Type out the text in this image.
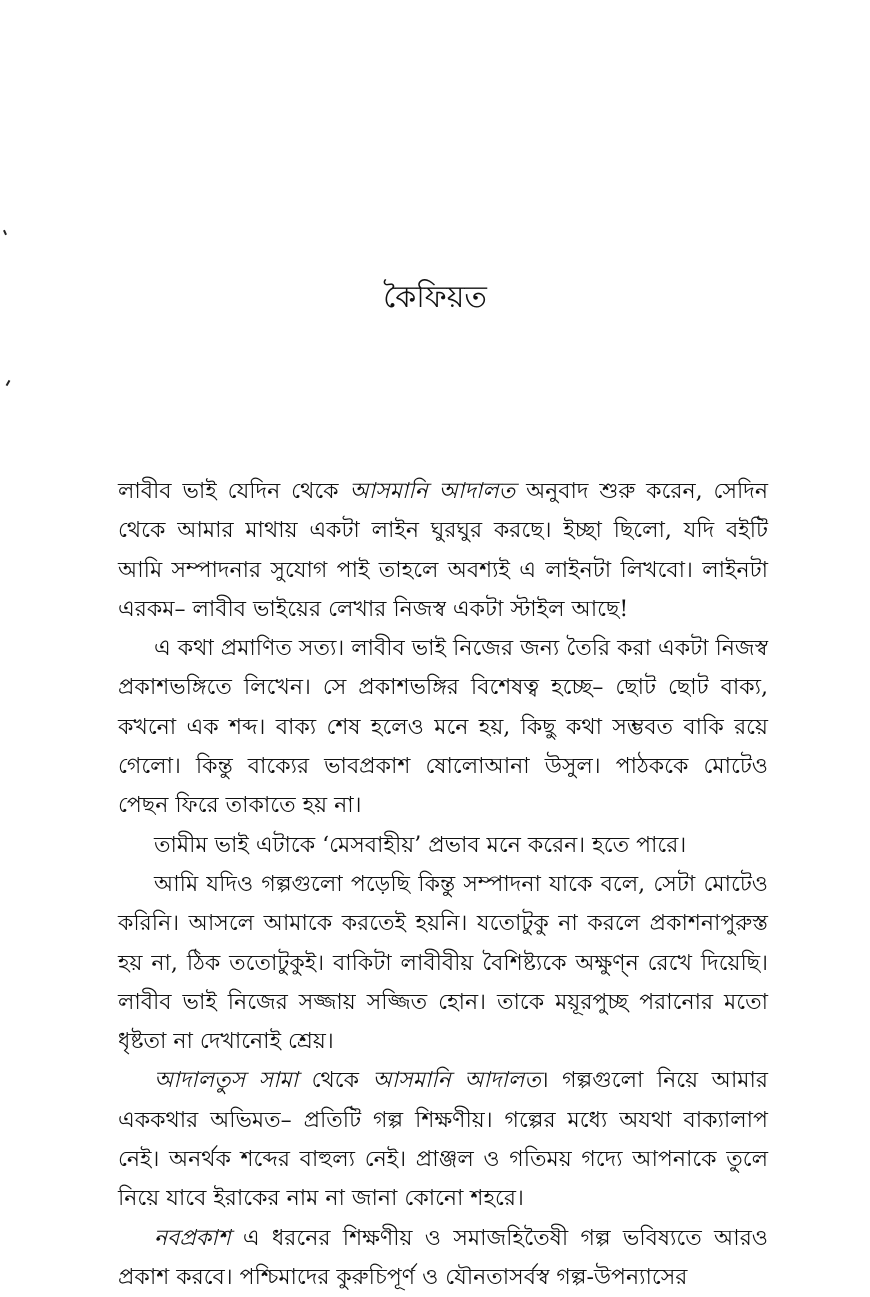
কৈফিয়ত

লাবীব ভাই যেদিন থেকে আসমানি আদালত অনুবাদ শুরু করেন, সেদিন থেকে আমার মাথায় একটা লাইন ঘুরঘুর করছে। ইচ্ছা ছিলো, যদি বইটি আমি সম্পাদনার সুযোগ পাই তাহলে অবশ্যই এ লাইনটা লিখবো। লাইনটা এরকম– লাবীব ভাইয়ের লেখার নিজস্ব একটা স্টাইল আছে!

এ কথা প্রমাণিত সত্য। লাবীব ভাই নিজের জন্য তৈরি করা একটা নিজস্ব প্রকাশভঙ্গিতে লিখেন। সে প্রকাশভঙ্গির বিশেষত্ব হচ্ছে– ছোট ছোট বাক্য, কখনো এক শব্দ। বাক্য শেষ হলেও মনে হয়, কিছু কথা সম্ভবত বাকি রয়ে গেলো। কিন্তু বাক্যের ভাবপ্রকাশ ষোলোআনা উসুল। পাঠককে মোটেও পেছন ফিরে তাকাতে হয় না।

তামীম ভাই এটাকে ‘মেসবাহীয়’ প্রভাব মনে করেন। হতে পারে।

আমি যদিও গল্পগুলো পড়েছি কিন্তু সম্পাদনা যাকে বলে, সেটা মোটেও করিনি। আসলে আমাকে করতেই হয়নি। যতোটুকু না করলে প্রকাশনাপুরুস্ত হয় না, ঠিক ততোটুকুই। বাকিটা লাবীবীয় বৈশিষ্ট্যকে অক্ষুণ্ন রেখে দিয়েছি। লাবীব ভাই নিজের সজ্জায় সজ্জিত হোন। তাকে ময়ূরপুচ্ছ পরানোর মতো ধৃষ্টতা না দেখানোই শ্রেয়।

আদালতুস সামা থেকে আসমানি আদালত। গল্পগুলো নিয়ে আমার এককথার অভিমত– প্রতিটি গল্প শিক্ষণীয়। গল্পের মধ্যে অযথা বাক্যালাপ নেই। অনর্থক শব্দের বাহুল্য নেই। প্রাঞ্জল ও গতিময় গদ্যে আপনাকে তুলে নিয়ে যাবে ইরাকের নাম না জানা কোনো শহরে।

নবপ্রকাশ এ ধরনের শিক্ষণীয় ও সমাজহিতৈষী গল্প ভবিষ্যতে আরও প্রকাশ করবে। পশ্চিমাদের কুরুচিপূর্ণ ও যৌনতাসর্বস্ব গল্প-উপন্যাসের
